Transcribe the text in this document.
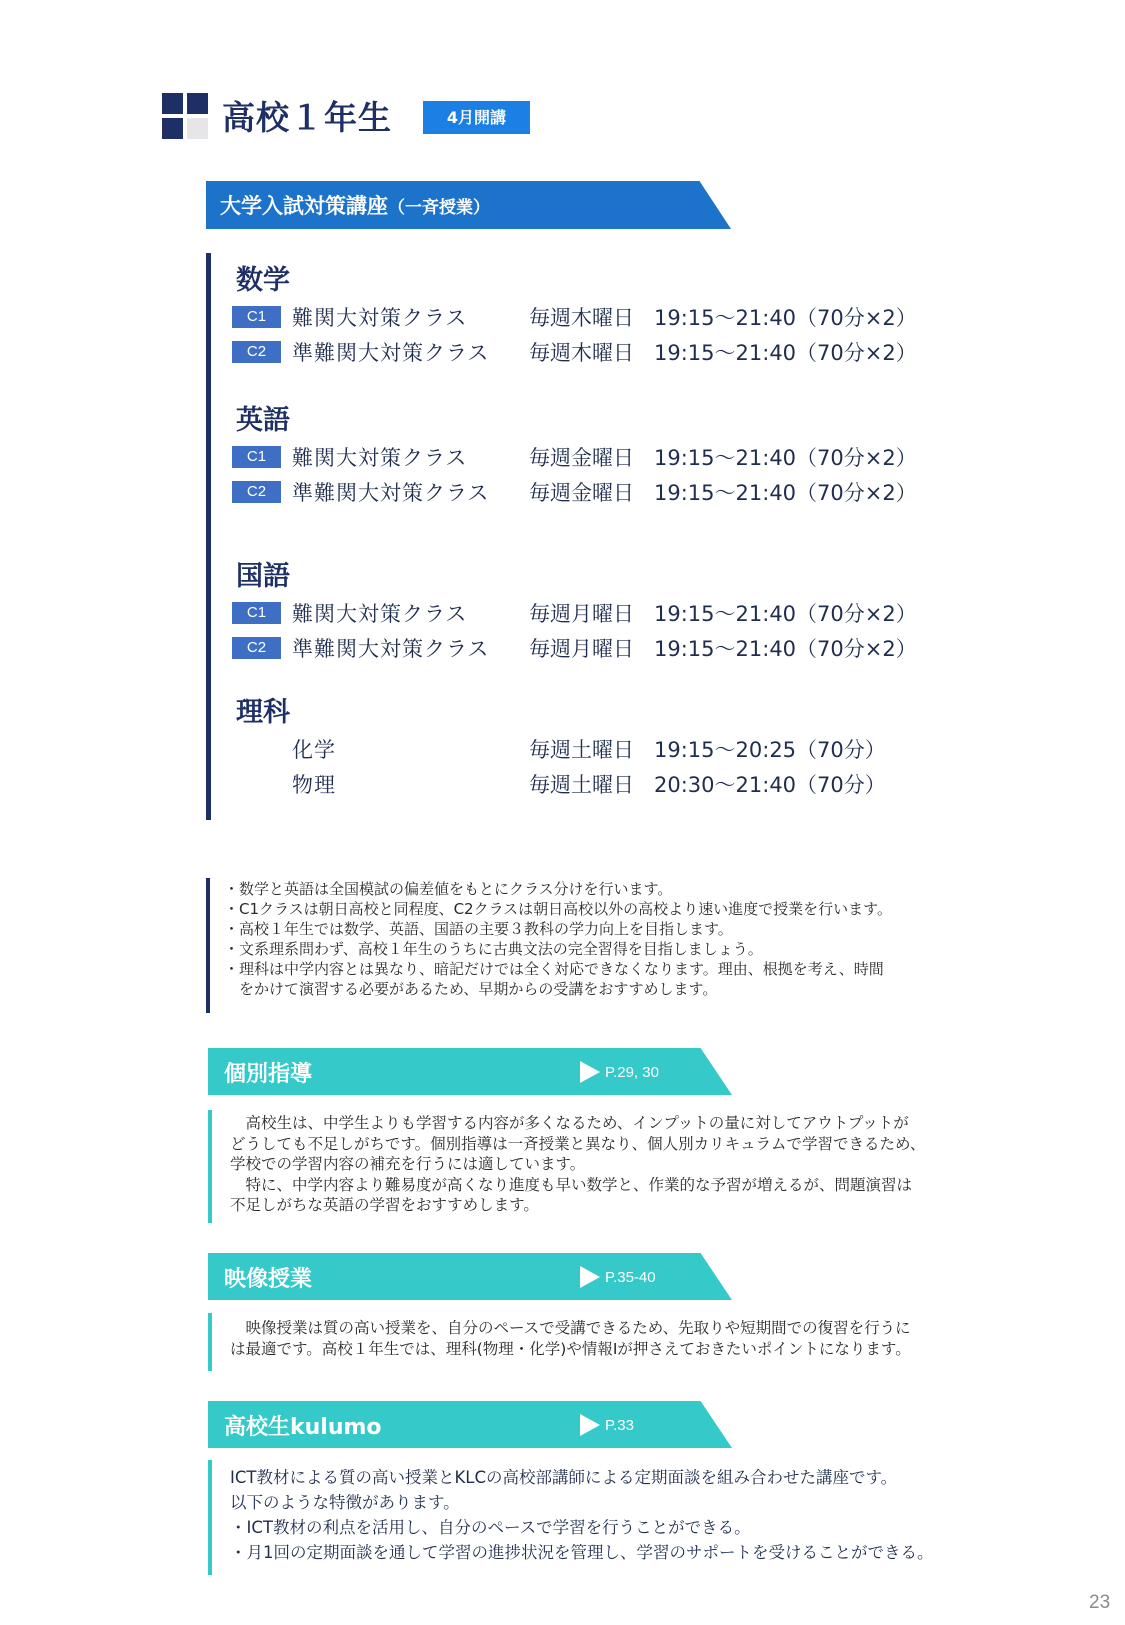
高校１年生	4月開講
大学入試対策講座（一斉授業）
数学
C1	難関大対策クラス	毎週木曜日 19:15～21:40（70分×2）
C2	準難関大対策クラス 毎週木曜日 19:15～21:40（70分×2）
英語
C1	難関大対策クラス	毎週金曜日 19:15～21:40（70分×2）
C2	準難関大対策クラス 毎週金曜日 19:15～21:40（70分×2）
国語
C1	難関大対策クラス	毎週月曜日 19:15～21:40（70分×2）
C2	準難関大対策クラス 毎週月曜日 19:15～21:40（70分×2）
理科
化学	毎週土曜日 19:15～20:25（70分）
物理	毎週土曜日 20:30～21:40（70分）
・数学と英語は全国模試の偏差値をもとにクラス分けを行います。
・C1クラスは朝日高校と同程度、C2クラスは朝日高校以外の高校より速い進度で授業を行います。
・高校１年生では数学、英語、国語の主要３教科の学力向上を目指します。
・文系理系問わず、高校１年生のうちに古典文法の完全習得を目指しましょう。
・理科は中学内容とは異なり、暗記だけでは全く対応できなくなります。理由、根拠を考え、時間
　をかけて演習する必要があるため、早期からの受講をおすすめします。
個別指導	P.29, 30
　高校生は、中学生よりも学習する内容が多くなるため、インプットの量に対してアウトプットが
どうしても不足しがちです。個別指導は一斉授業と異なり、個人別カリキュラムで学習できるため、
学校での学習内容の補充を行うには適しています。
　特に、中学内容より難易度が高くなり進度も早い数学と、作業的な予習が増えるが、問題演習は
不足しがちな英語の学習をおすすめします。
映像授業	P.35-40
　映像授業は質の高い授業を、自分のペースで受講できるため、先取りや短期間での復習を行うに
は最適です。高校１年生では、理科(物理・化学)や情報Ⅰが押さえておきたいポイントになります。
高校生kulumo	P.33
ICT教材による質の高い授業とKLCの高校部講師による定期面談を組み合わせた講座です。
以下のような特徴があります。
・ICT教材の利点を活用し、自分のペースで学習を行うことができる。
・月1回の定期面談を通して学習の進捗状況を管理し、学習のサポートを受けることができる。
23
